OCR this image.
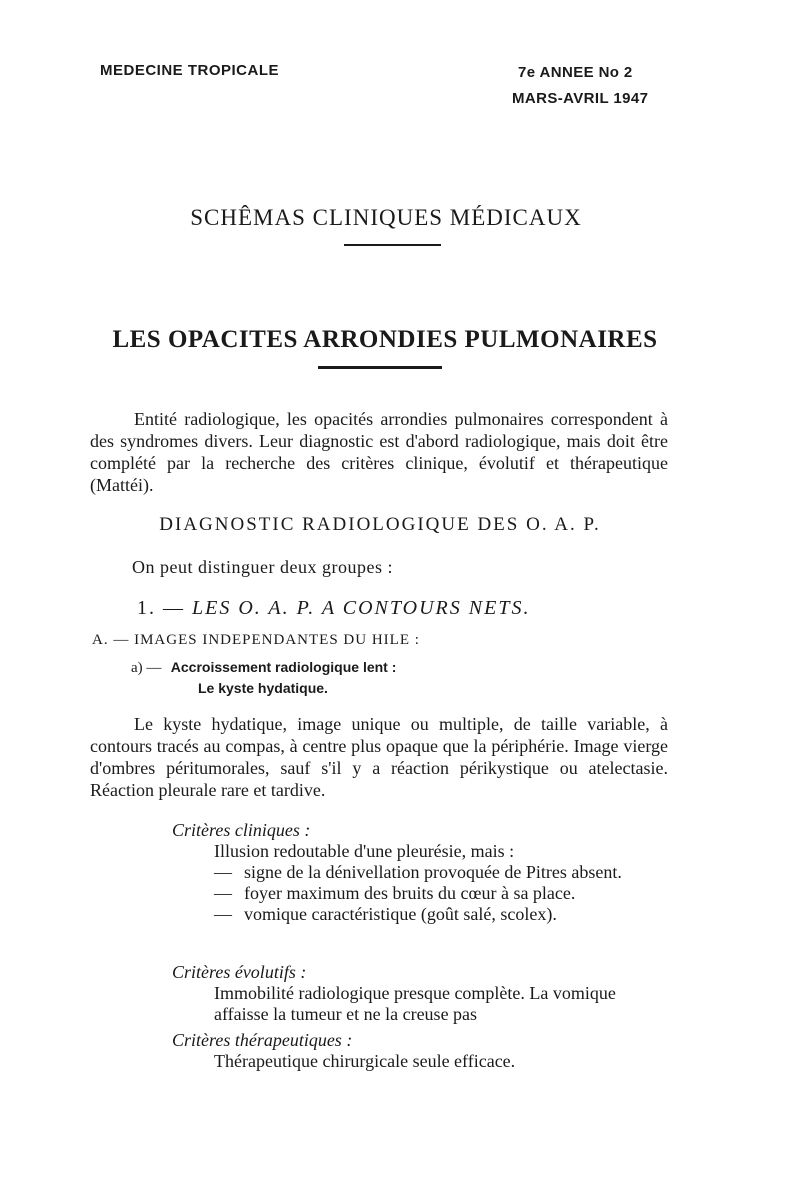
MEDECINE TROPICALE	7e ANNEE No 2
MARS-AVRIL 1947
SCHÊMAS CLINIQUES MÉDICAUX
LES OPACITES ARRONDIES PULMONAIRES

Entité radiologique, les opacités arrondies pulmonaires correspondent à des syndromes divers. Leur diagnostic est d'abord radiologique, mais doit être complété par la recherche des critères clinique, évolutif et thérapeutique (Mattéi).

DIAGNOSTIC RADIOLOGIQUE DES O. A. P.
On peut distinguer deux groupes :
1. — LES O. A. P. A CONTOURS NETS.
A. — IMAGES INDEPENDANTES DU HILE :
a) — Accroissement radiologique lent :
Le kyste hydatique.

Le kyste hydatique, image unique ou multiple, de taille variable, à contours tracés au compas, à centre plus opaque que la périphérie. Image vierge d'ombres péritumorales, sauf s'il y a réaction périkystique ou atelectasie. Réaction pleurale rare et tardive.

Critères cliniques :

Illusion redoutable d'une pleurésie, mais :

— signe de la dénivellation provoquée de Pitres absent.

— foyer maximum des bruits du cœur à sa place.

— vomique caractéristique (goût salé, scolex).

Critères évolutifs :

Immobilité radiologique presque complète. La vomique affaisse la tumeur et ne la creuse pas

Critères thérapeutiques :

Thérapeutique chirurgicale seule efficace.
